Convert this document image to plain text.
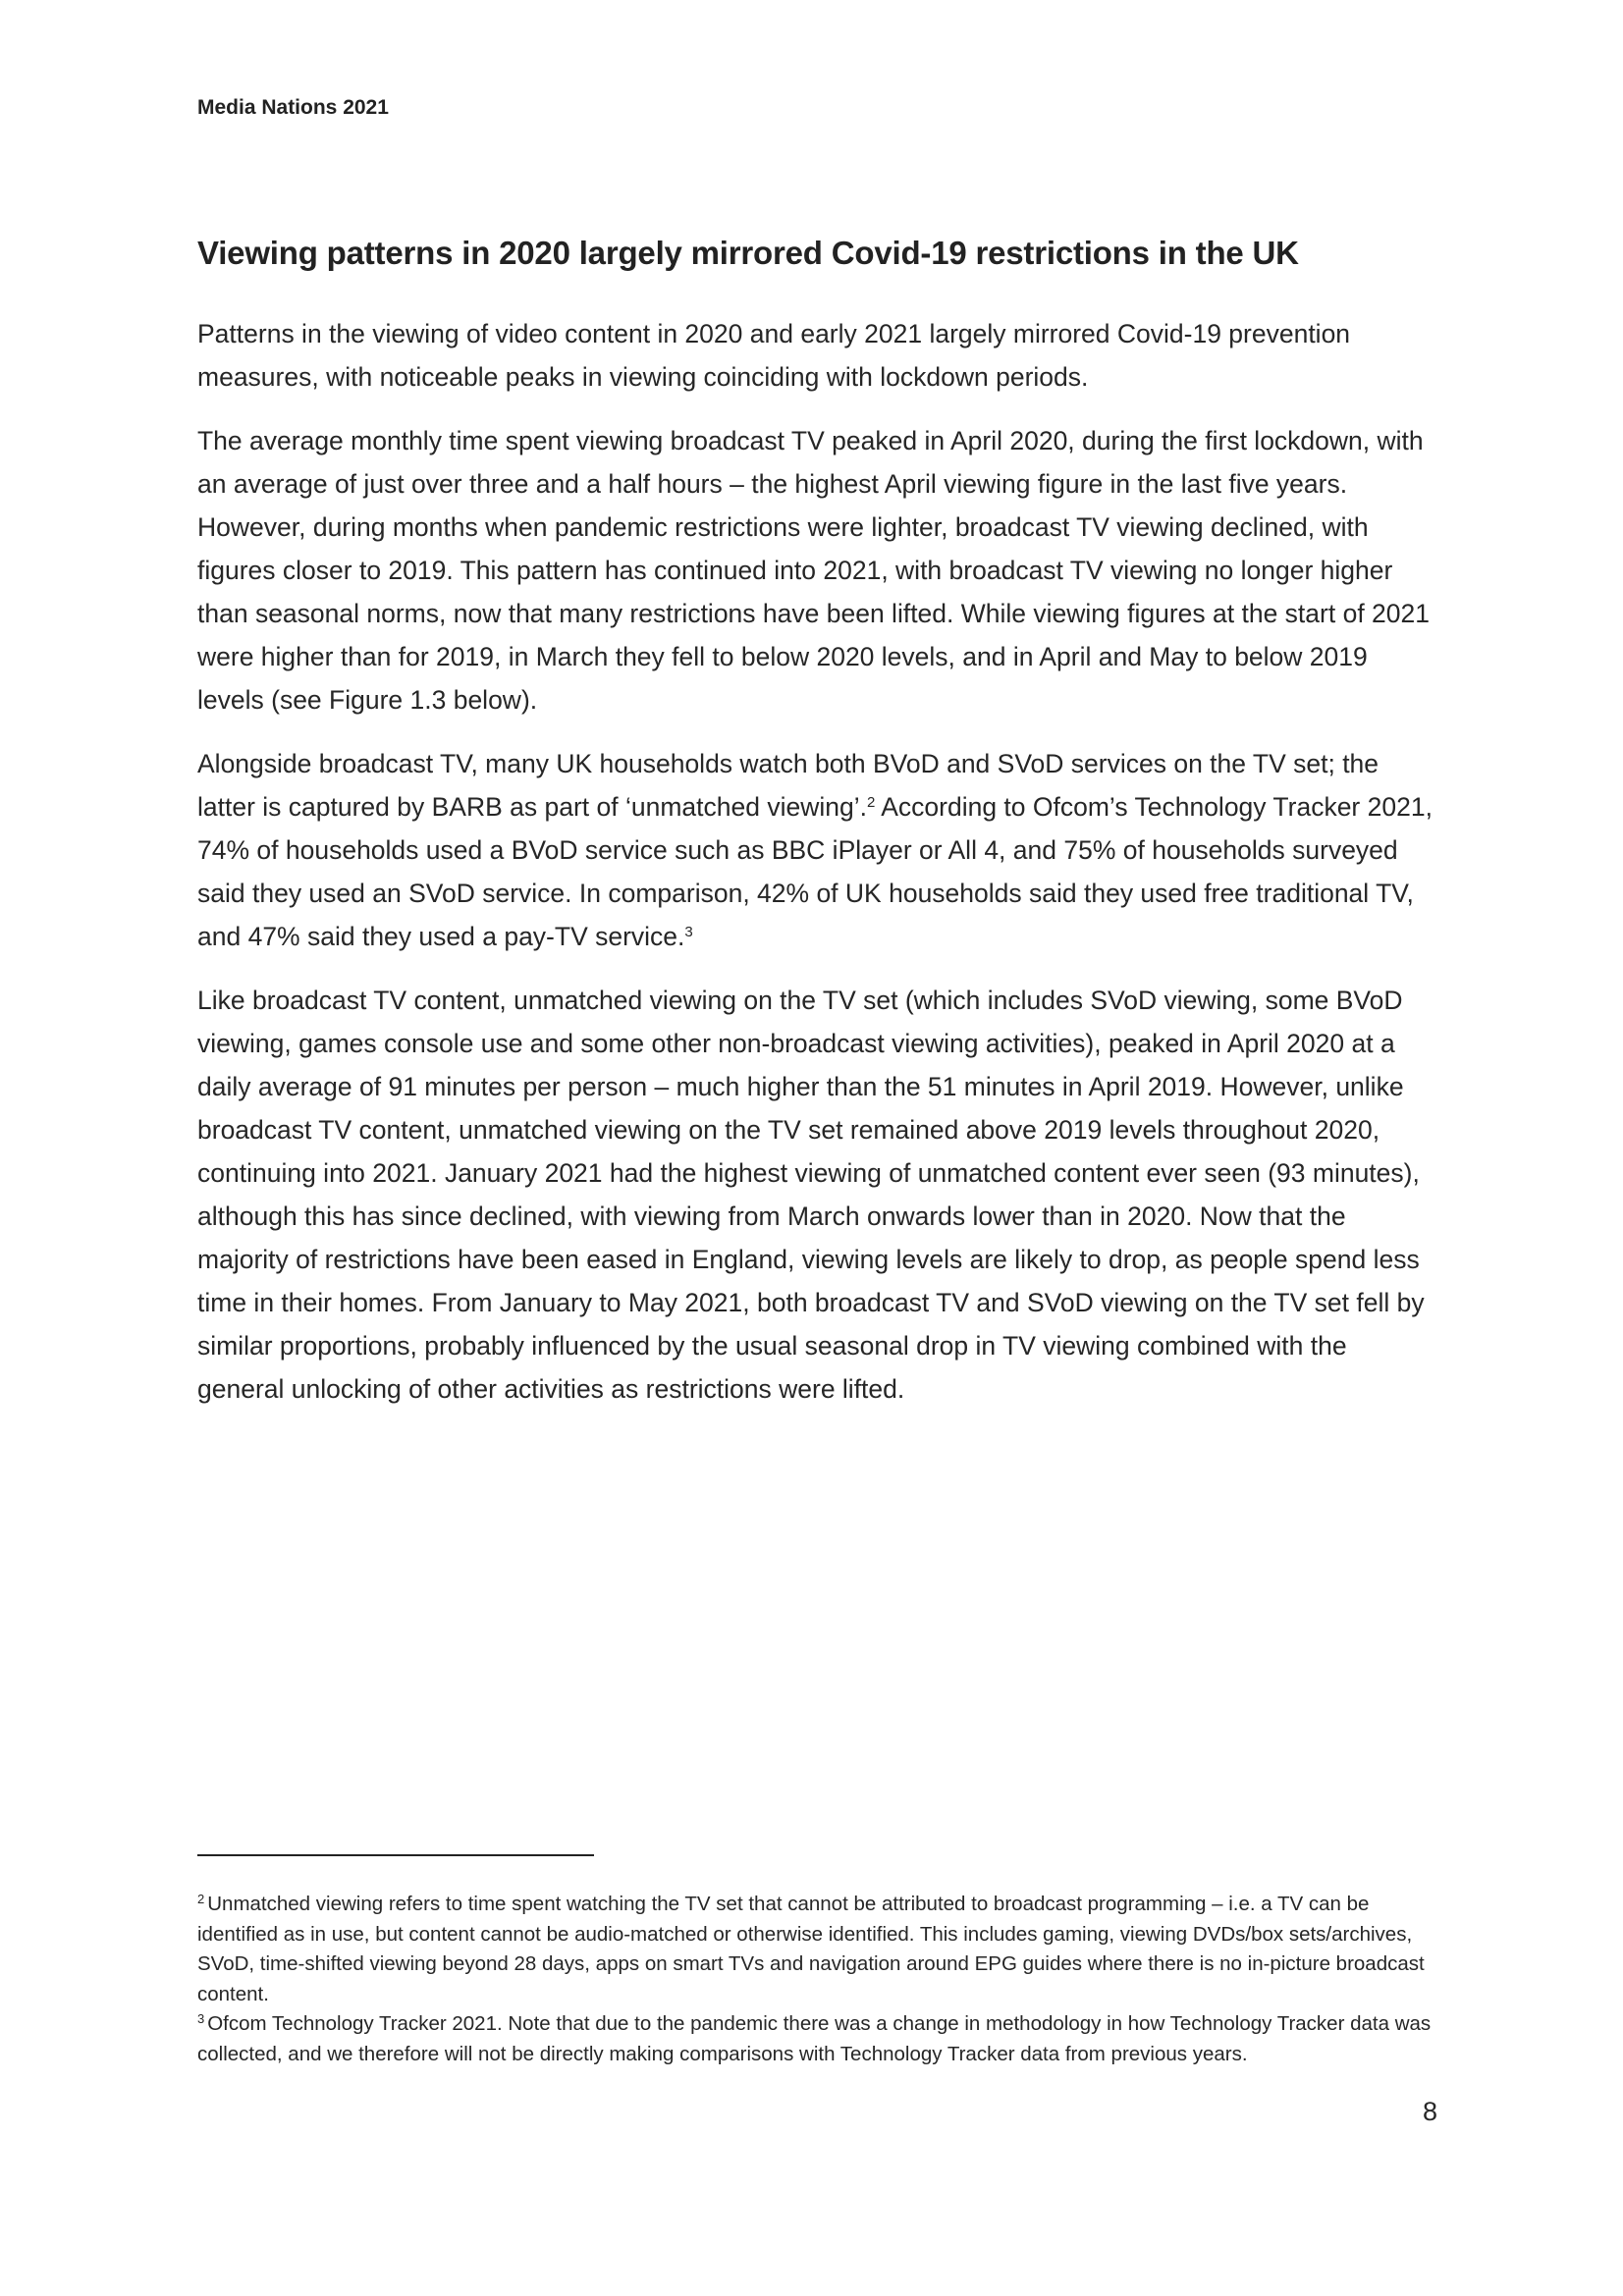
Media Nations 2021
Viewing patterns in 2020 largely mirrored Covid-19 restrictions in the UK

Patterns in the viewing of video content in 2020 and early 2021 largely mirrored Covid-19 prevention measures, with noticeable peaks in viewing coinciding with lockdown periods.

The average monthly time spent viewing broadcast TV peaked in April 2020, during the first lockdown, with an average of just over three and a half hours – the highest April viewing figure in the last five years. However, during months when pandemic restrictions were lighter, broadcast TV viewing declined, with figures closer to 2019. This pattern has continued into 2021, with broadcast TV viewing no longer higher than seasonal norms, now that many restrictions have been lifted. While viewing figures at the start of 2021 were higher than for 2019, in March they fell to below 2020 levels, and in April and May to below 2019 levels (see Figure 1.3 below).

Alongside broadcast TV, many UK households watch both BVoD and SVoD services on the TV set; the latter is captured by BARB as part of ‘unmatched viewing’.$^2$ According to Ofcom’s Technology Tracker 2021, 74% of households used a BVoD service such as BBC iPlayer or All 4, and 75% of households surveyed said they used an SVoD service. In comparison, 42% of UK households said they used free traditional TV, and 47% said they used a pay-TV service.$^3$

Like broadcast TV content, unmatched viewing on the TV set (which includes SVoD viewing, some BVoD viewing, games console use and some other non-broadcast viewing activities), peaked in April 2020 at a daily average of 91 minutes per person – much higher than the 51 minutes in April 2019. However, unlike broadcast TV content, unmatched viewing on the TV set remained above 2019 levels throughout 2020, continuing into 2021. January 2021 had the highest viewing of unmatched content ever seen (93 minutes), although this has since declined, with viewing from March onwards lower than in 2020. Now that the majority of restrictions have been eased in England, viewing levels are likely to drop, as people spend less time in their homes. From January to May 2021, both broadcast TV and SVoD viewing on the TV set fell by similar proportions, probably influenced by the usual seasonal drop in TV viewing combined with the general unlocking of other activities as restrictions were lifted.

$^2$ Unmatched viewing refers to time spent watching the TV set that cannot be attributed to broadcast programming – i.e. a TV can be identified as in use, but content cannot be audio-matched or otherwise identified. This includes gaming, viewing DVDs/box sets/archives, SVoD, time-shifted viewing beyond 28 days, apps on smart TVs and navigation around EPG guides where there is no in-picture broadcast content.

$^3$ Ofcom Technology Tracker 2021. Note that due to the pandemic there was a change in methodology in how Technology Tracker data was collected, and we therefore will not be directly making comparisons with Technology Tracker data from previous years.

8
